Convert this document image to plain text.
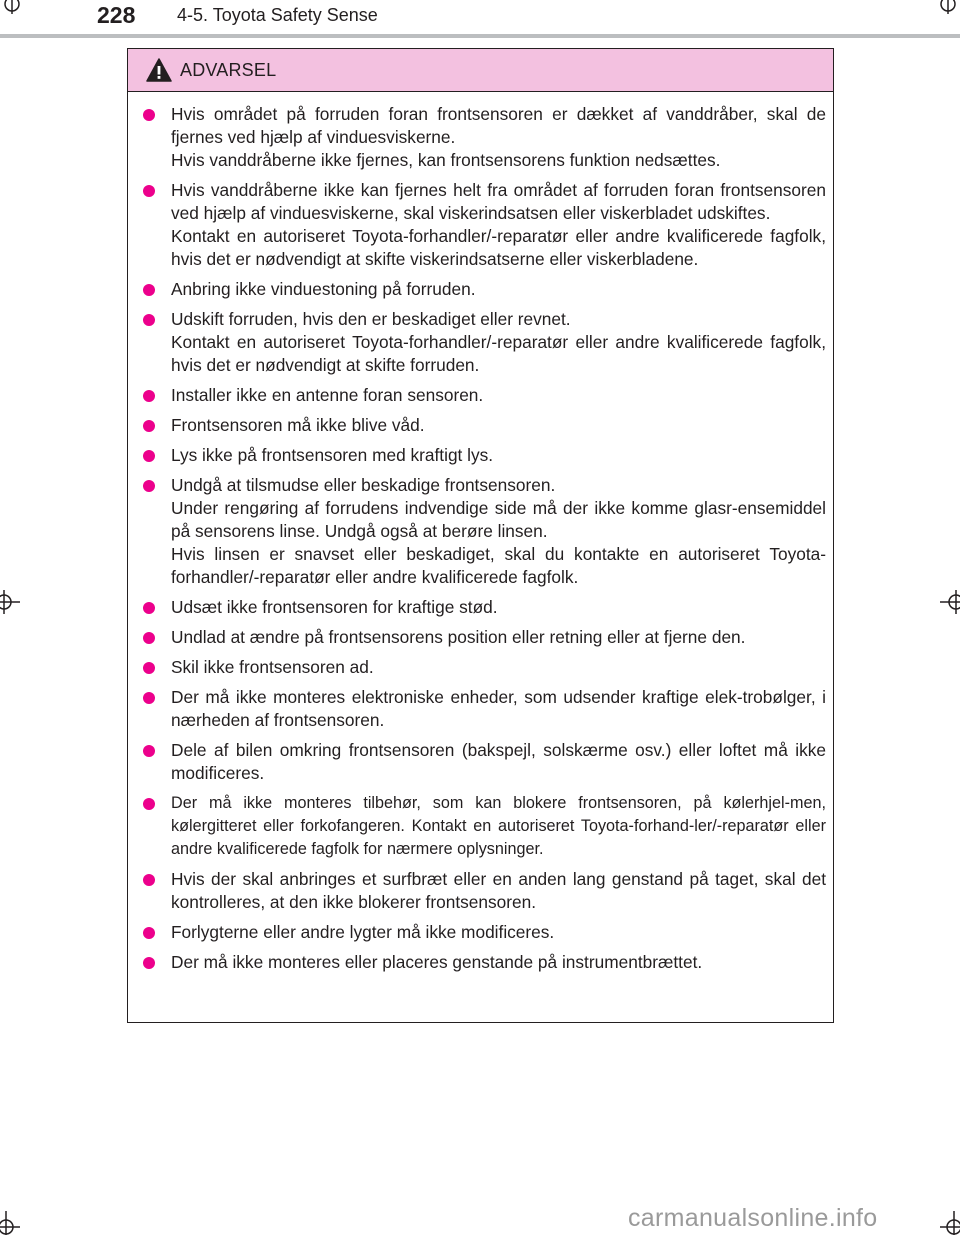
228 4-5. Toyota Safety Sense
ADVARSEL
Hvis området på forruden foran frontsensoren er dækket af vanddråber, skal de fjernes ved hjælp af vinduesviskerne.
Hvis vanddråberne ikke fjernes, kan frontsensorens funktion nedsættes.
Hvis vanddråberne ikke kan fjernes helt fra området af forruden foran frontsensoren ved hjælp af vinduesviskerne, skal viskerindsatsen eller viskerbladet udskiftes.
Kontakt en autoriseret Toyota-forhandler/-reparatør eller andre kvalificerede fagfolk, hvis det er nødvendigt at skifte viskerindsatserne eller viskerbladene.
Anbring ikke vinduestoning på forruden.
Udskift forruden, hvis den er beskadiget eller revnet.
Kontakt en autoriseret Toyota-forhandler/-reparatør eller andre kvalificerede fagfolk, hvis det er nødvendigt at skifte forruden.
Installer ikke en antenne foran sensoren.
Frontsensoren må ikke blive våd.
Lys ikke på frontsensoren med kraftigt lys.
Undgå at tilsmudse eller beskadige frontsensoren.
Under rengøring af forrudens indvendige side må der ikke komme glasr-ensemiddel på sensorens linse. Undgå også at berøre linsen.
Hvis linsen er snavset eller beskadiget, skal du kontakte en autoriseret Toyota-forhandler/-reparatør eller andre kvalificerede fagfolk.
Udsæt ikke frontsensoren for kraftige stød.
Undlad at ændre på frontsensorens position eller retning eller at fjerne den.
Skil ikke frontsensoren ad.
Der må ikke monteres elektroniske enheder, som udsender kraftige elek-trobølger, i nærheden af frontsensoren.
Dele af bilen omkring frontsensoren (bakspejl, solskærme osv.) eller loftet må ikke modificeres.
Der må ikke monteres tilbehør, som kan blokere frontsensoren, på kølerhjel-men, kølergitteret eller forkofangeren. Kontakt en autoriseret Toyota-forhand-ler/-reparatør eller andre kvalificerede fagfolk for nærmere oplysninger.
Hvis der skal anbringes et surfbræt eller en anden lang genstand på taget, skal det kontrolleres, at den ikke blokerer frontsensoren.
Forlygterne eller andre lygter må ikke modificeres.
Der må ikke monteres eller placeres genstande på instrumentbrættet.
carmanualsonline.info
